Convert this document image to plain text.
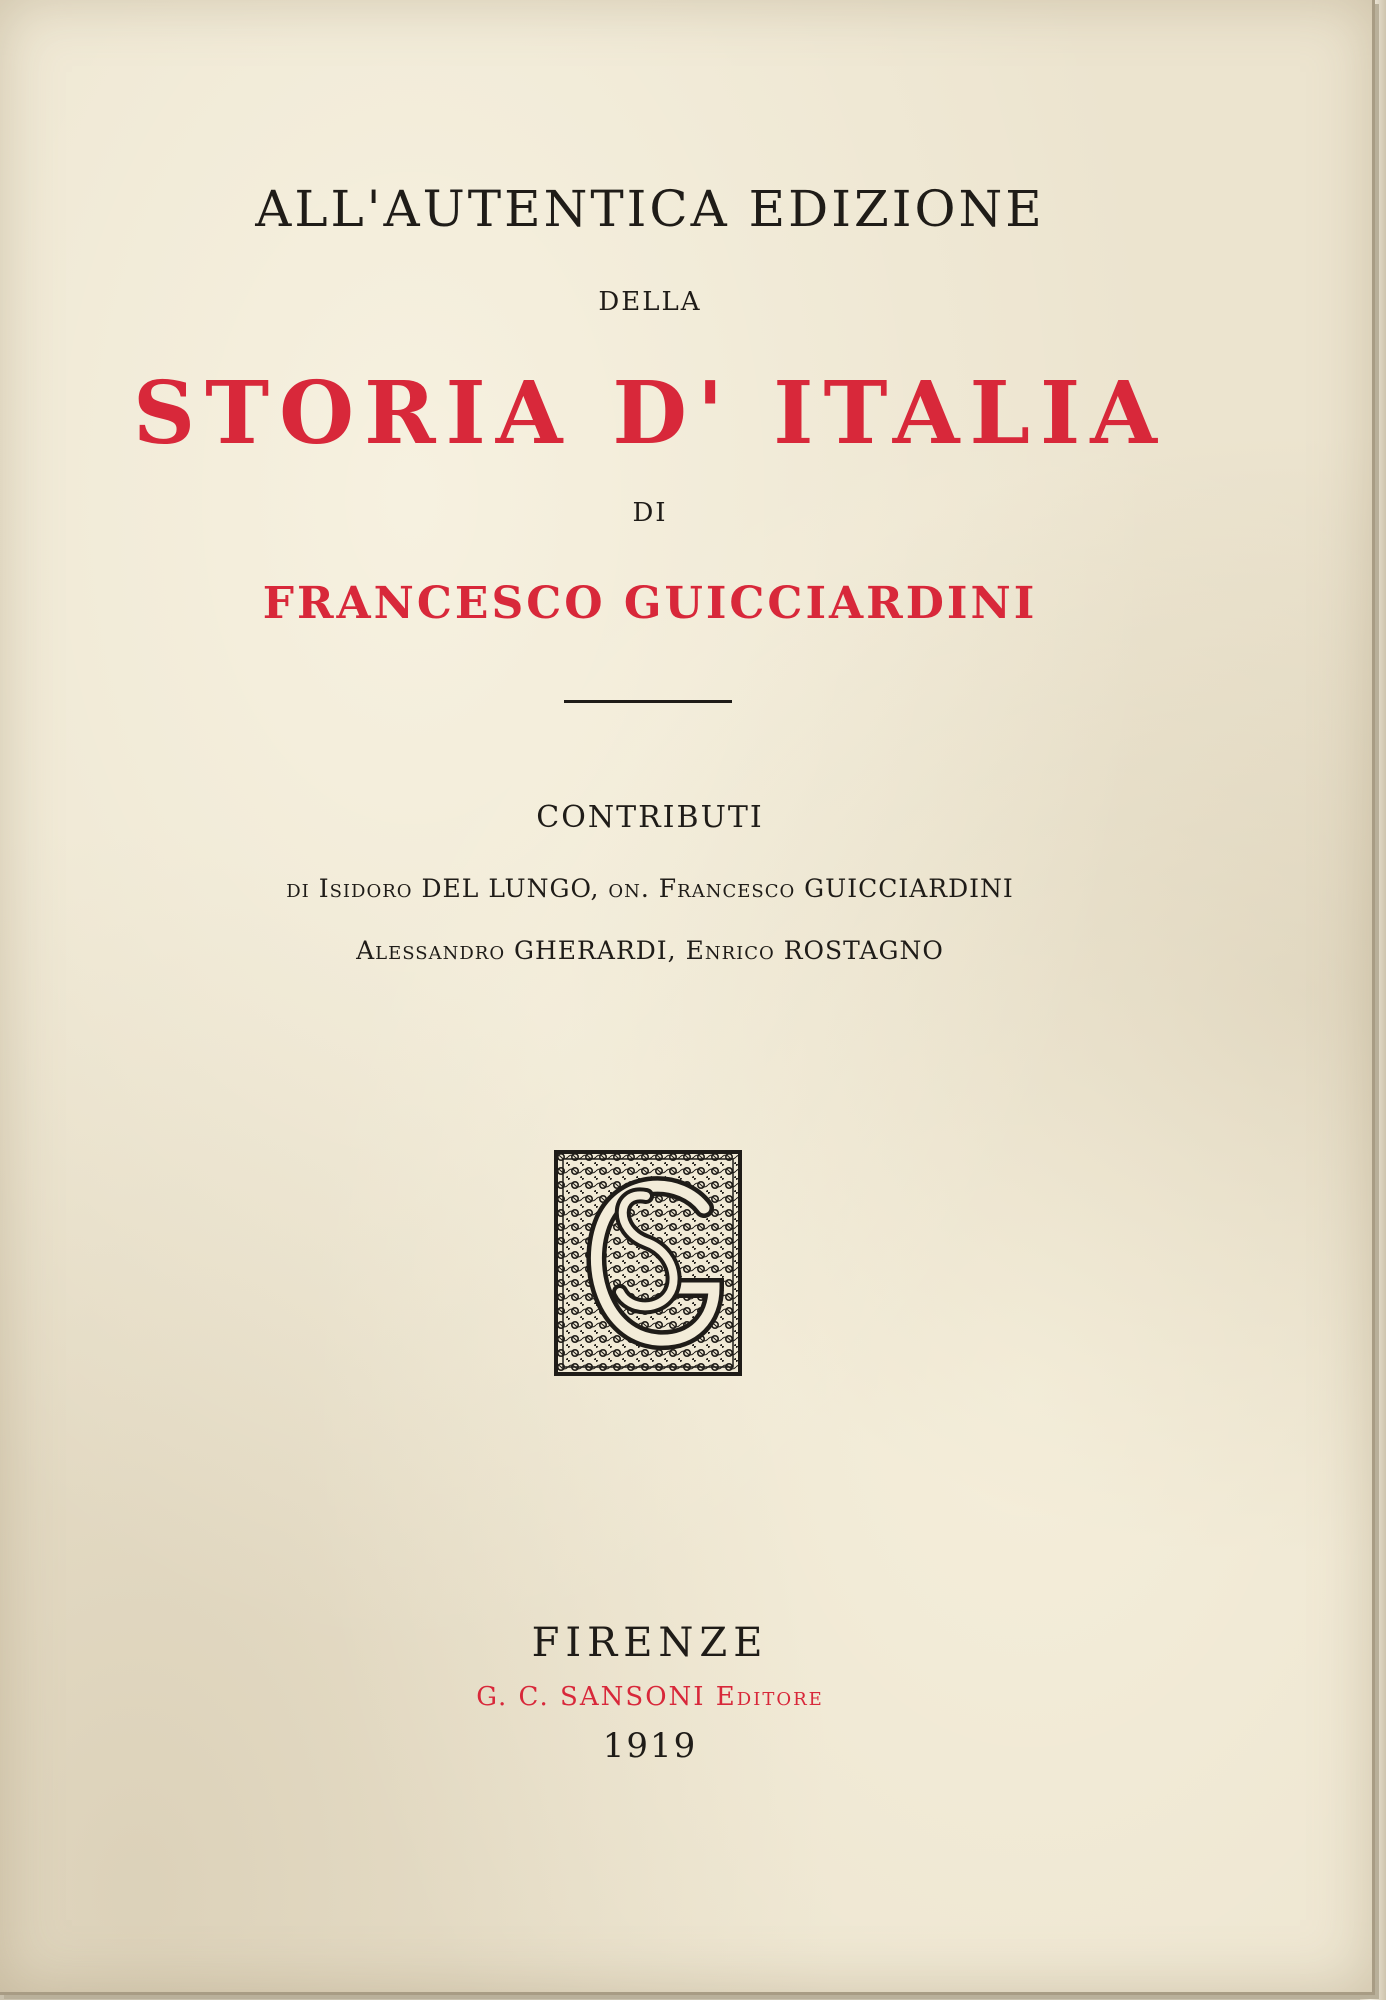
ALL'AUTENTICA EDIZIONE
DELLA
STORIA D' ITALIA
DI
FRANCESCO GUICCIARDINI
CONTRIBUTI
di Isidoro DEL LUNGO, on. Francesco GUICCIARDINI
Alessandro GHERARDI, Enrico ROSTAGNO
FIRENZE
G. C. SANSONI Editore
1919
